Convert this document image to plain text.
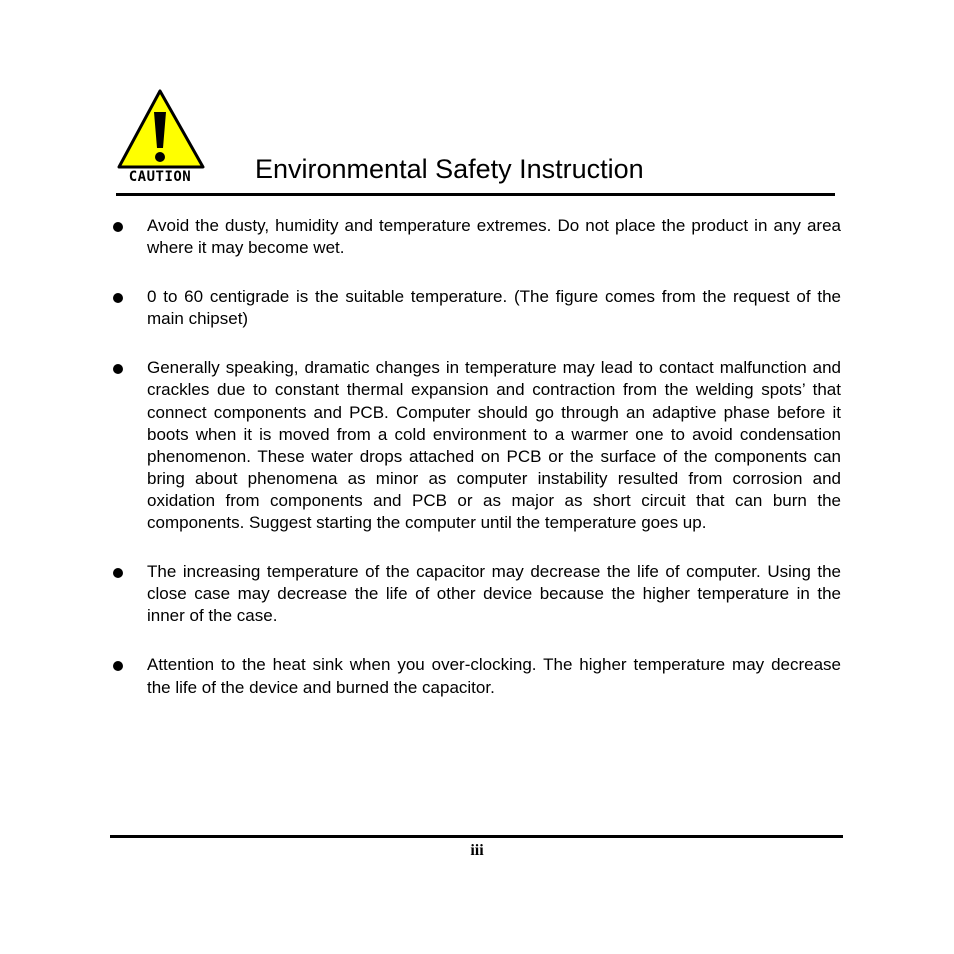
CAUTION Environmental Safety Instruction
Avoid the dusty, humidity and temperature extremes. Do not place the product in any area where it may become wet.
0 to 60 centigrade is the suitable temperature. (The figure comes from the request of the main chipset)
Generally speaking, dramatic changes in temperature may lead to contact malfunction and crackles due to constant thermal expansion and contraction from the welding spots’ that connect components and PCB. Computer should go through an adaptive phase before it boots when it is moved from a cold environment to a warmer one to avoid condensation phenomenon. These water drops attached on PCB or the surface of the components can bring about phenomena as minor as computer instability resulted from corrosion and oxidation from components and PCB or as major as short circuit that can burn the components. Suggest starting the computer until the temperature goes up.
The increasing temperature of the capacitor may decrease the life of computer. Using the close case may decrease the life of other device because the higher temperature in the inner of the case.
Attention to the heat sink when you over-clocking. The higher temperature may decrease the life of the device and burned the capacitor.
iii
